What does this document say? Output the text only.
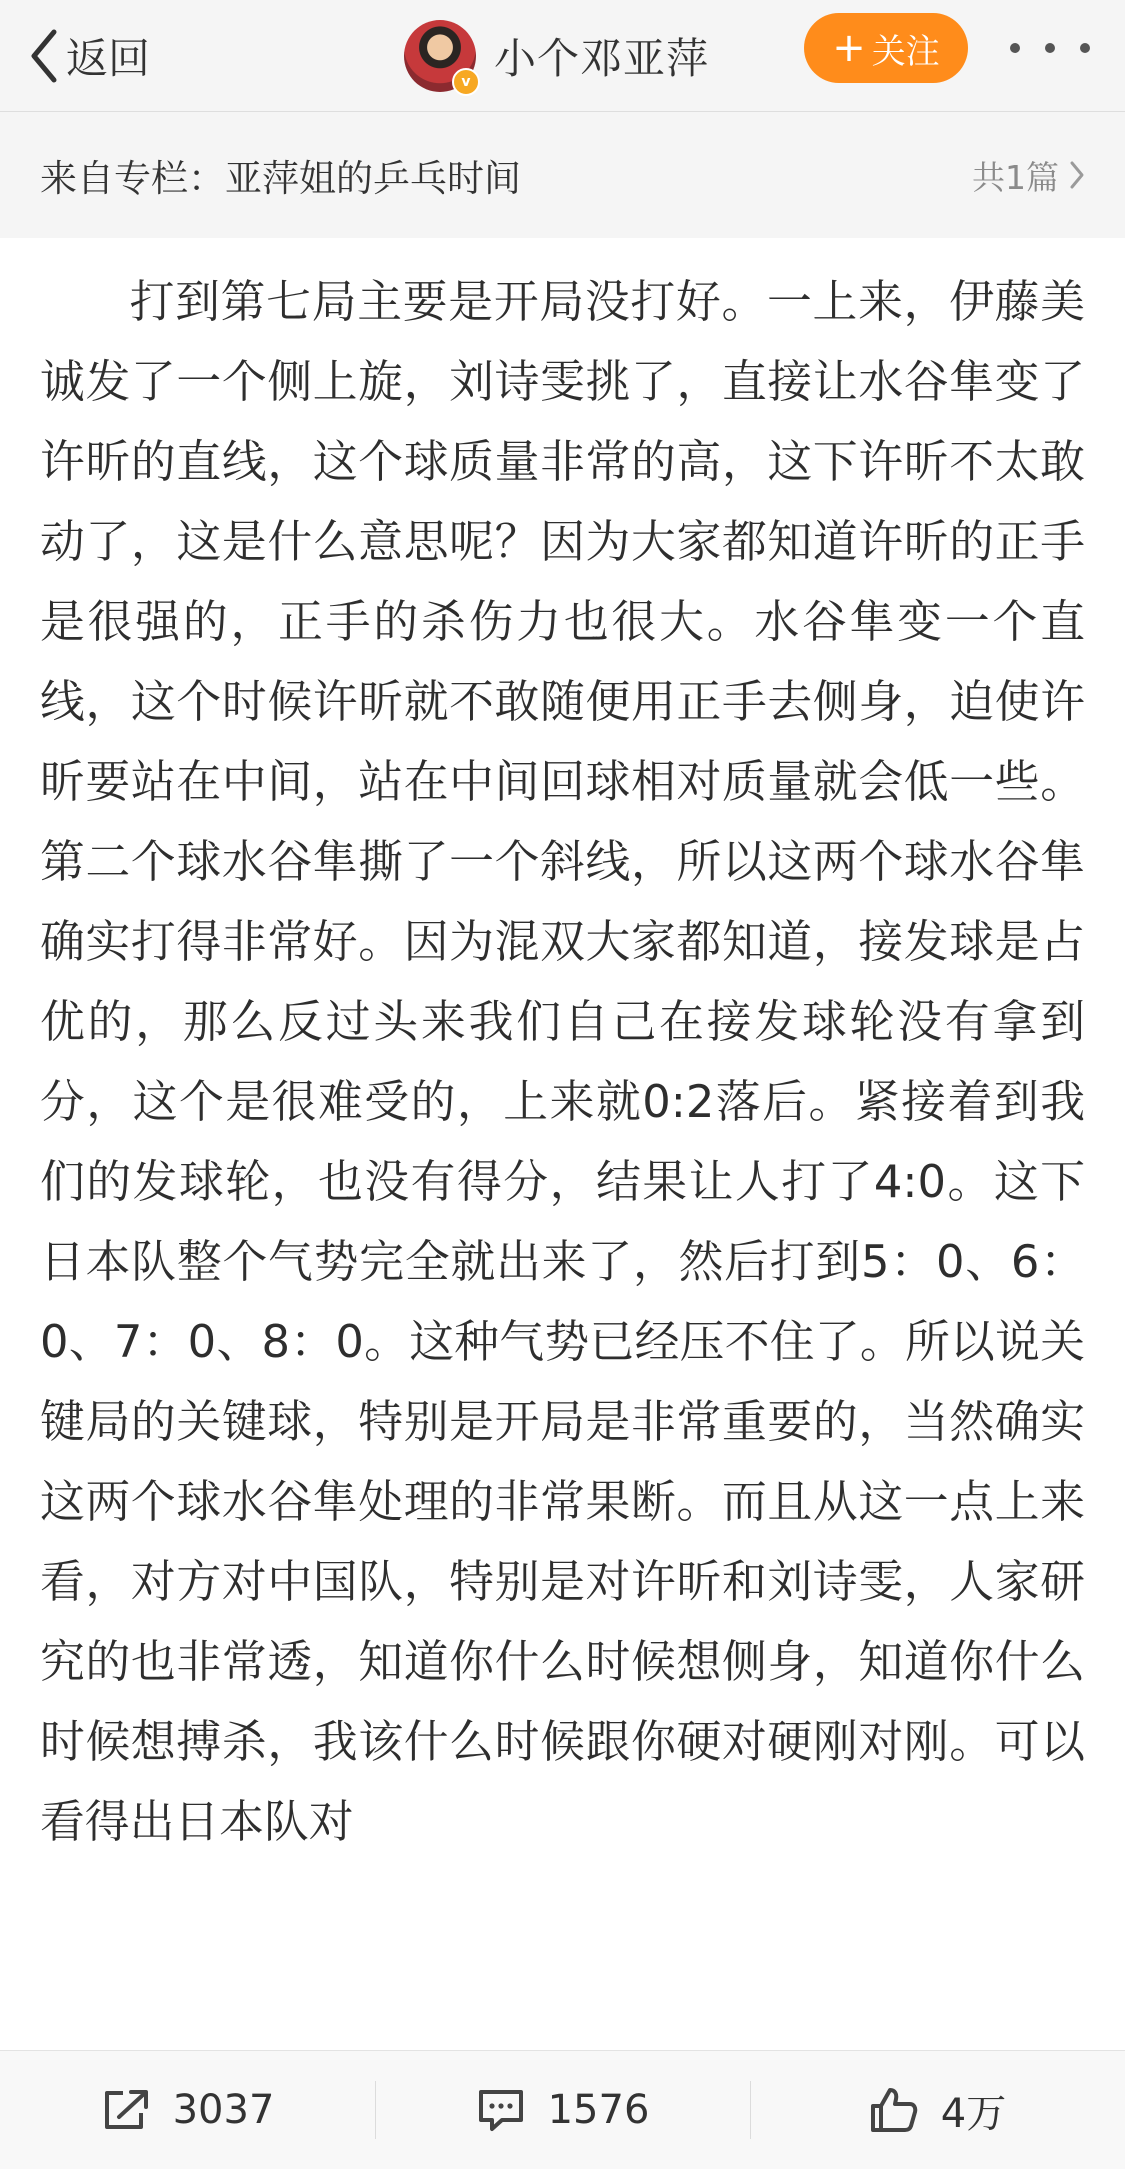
返回	v 小个邓亚萍	+ 关注
来自专栏：亚萍姐的乒乓时间	共1篇

打到第七局主要是开局没打好。一上来，伊藤美诚发了一个侧上旋，刘诗雯挑了，直接让水谷隼变了许昕的直线，这个球质量非常的高，这下许昕不太敢动了，这是什么意思呢？因为大家都知道许昕的正手是很强的，正手的杀伤力也很大。水谷隼变一个直线，这个时候许昕就不敢随便用正手去侧身，迫使许昕要站在中间，站在中间回球相对质量就会低一些。第二个球水谷隼撕了一个斜线，所以这两个球水谷隼确实打得非常好。因为混双大家都知道，接发球是占优的，那么反过头来我们自己在接发球轮没有拿到分，这个是很难受的，上来就0:2落后。紧接着到我们的发球轮，也没有得分，结果让人打了4:0。这下日本队整个气势完全就出来了，然后打到5：0、6：0、7：0、8：0。这种气势已经压不住了。所以说关键局的关键球，特别是开局是非常重要的，当然确实这两个球水谷隼处理的非常果断。而且从这一点上来看，对方对中国队，特别是对许昕和刘诗雯，人家研究的也非常透，知道你什么时候想侧身，知道你什么时候想搏杀，我该什么时候跟你硬对硬刚对刚。可以看得出日本队对

3037	1576	4万
